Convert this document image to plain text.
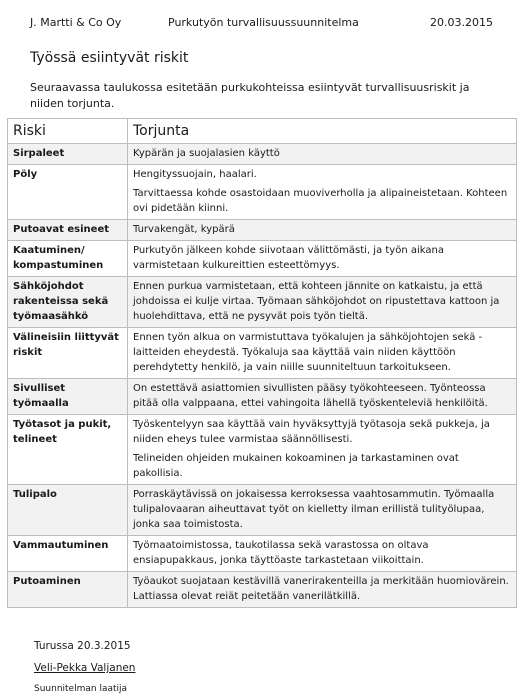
J. Martti & Co Oy	Purkutyön turvallisuussuunnitelma	20.03.2015
Työssä esiintyvät riskit

Seuraavassa taulukossa esitetään purkukohteissa esiintyvät turvallisuusriskit ja niiden torjunta.

Riski	Torjunta
Sirpaleet	Kypärän ja suojalasien käyttö

Pöly	Hengityssuojain, haalari.

Tarvittaessa kohde osastoidaan muoviverholla ja alipaineistetaan. Kohteen ovi pidetään kiinni.

Putoavat esineet	Turvakengät, kypärä

Kaatuminen/ kompastuminen	Purkutyön jälkeen kohde siivotaan välittömästi, ja työn aikana varmistetaan kulkureittien esteettömyys.

Sähköjohdot rakenteissa sekä työmaasähkö	Ennen purkua varmistetaan, että kohteen jännite on katkaistu, ja että johdoissa ei kulje virtaa. Työmaan sähköjohdot on ripustettava kattoon ja huolehdittava, että ne pysyvät pois työn tieltä.

Välineisiin liittyvät riskit	Ennen työn alkua on varmistuttava työkalujen ja sähköjohtojen sekä -laitteiden eheydestä. Työkaluja saa käyttää vain niiden käyttöön perehdytetty henkilö, ja vain niille suunniteltuun tarkoitukseen.

Sivulliset työmaalla	On estettävä asiattomien sivullisten pääsy työkohteeseen. Työnteossa pitää olla valppaana, ettei vahingoita lähellä työskenteleviä henkilöitä.

Työtasot ja pukit, telineet	Työskentelyyn saa käyttää vain hyväksyttyjä työtasoja sekä pukkeja, ja niiden eheys tulee varmistaa säännöllisesti.

Telineiden ohjeiden mukainen kokoaminen ja tarkastaminen ovat pakollisia.

Tulipalo	Porraskäytävissä on jokaisessa kerroksessa vaahtosammutin. Työmaalla tulipalovaaran aiheuttavat työt on kielletty ilman erillistä tulityölupaa, jonka saa toimistosta.

Vammautuminen	Työmaatoimistossa, taukotilassa sekä varastossa on oltava ensiapupakkaus, jonka täyttöaste tarkastetaan viikoittain.

Putoaminen	Työaukot suojataan kestävillä vanerirakenteilla ja merkitään huomiovärein. Lattiassa olevat reiät peitetään vanerilätkillä.

Turussa 20.3.2015

Veli-Pekka Valjanen

Suunnitelman laatija
